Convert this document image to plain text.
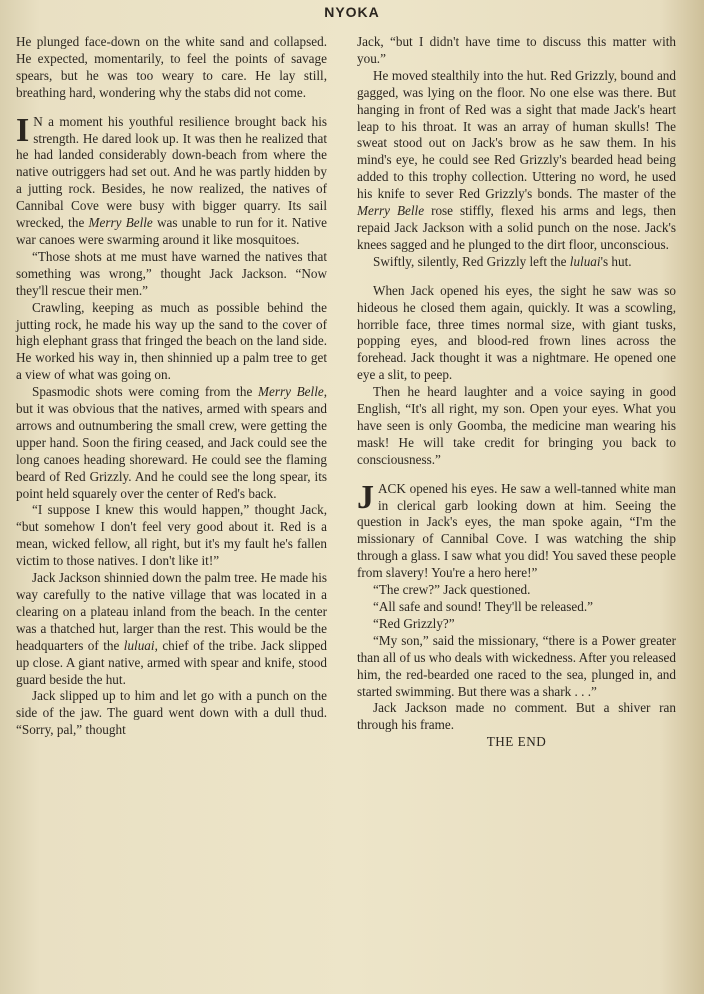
NYOKA

He plunged face-down on the white sand and collapsed. He expected, momentarily, to feel the points of savage spears, but he was too weary to care. He lay still, breathing hard, wondering why the stabs did not come.

I N a moment his youthful resilience brought back his strength. He dared look up. It was then he realized that he had landed considerably down-beach from where the native outriggers had set out. And he was partly hidden by a jutting rock. Besides, he now realized, the natives of Cannibal Cove were busy with bigger quarry. Its sail wrecked, the Merry Belle was unable to run for it. Native war canoes were swarming around it like mosquitoes.

“Those shots at me must have warned the natives that something was wrong,” thought Jack Jackson. “Now they'll rescue their men.”

Crawling, keeping as much as possible behind the jutting rock, he made his way up the sand to the cover of high elephant grass that fringed the beach on the land side. He worked his way in, then shinnied up a palm tree to get a view of what was going on.

Spasmodic shots were coming from the Merry Belle, but it was obvious that the natives, armed with spears and arrows and outnumbering the small crew, were getting the upper hand. Soon the firing ceased, and Jack could see the long canoes heading shoreward. He could see the flaming beard of Red Grizzly. And he could see the long spear, its point held squarely over the center of Red's back.

“I suppose I knew this would happen,” thought Jack, “but somehow I don't feel very good about it. Red is a mean, wicked fellow, all right, but it's my fault he's fallen victim to those natives. I don't like it!”

Jack Jackson shinnied down the palm tree. He made his way carefully to the native village that was located in a clearing on a plateau inland from the beach. In the center was a thatched hut, larger than the rest. This would be the headquarters of the luluai, chief of the tribe. Jack slipped up close. A giant native, armed with spear and knife, stood guard beside the hut.

Jack slipped up to him and let go with a punch on the side of the jaw. The guard went down with a dull thud. “Sorry, pal,” thought

Jack, “but I didn't have time to discuss this matter with you.”

He moved stealthily into the hut. Red Grizzly, bound and gagged, was lying on the floor. No one else was there. But hanging in front of Red was a sight that made Jack's heart leap to his throat. It was an array of human skulls! The sweat stood out on Jack's brow as he saw them. In his mind's eye, he could see Red Grizzly's bearded head being added to this trophy collection. Uttering no word, he used his knife to sever Red Grizzly's bonds. The master of the Merry Belle rose stiffly, flexed his arms and legs, then repaid Jack Jackson with a solid punch on the nose. Jack's knees sagged and he plunged to the dirt floor, unconscious.

Swiftly, silently, Red Grizzly left the luluai's hut.

When Jack opened his eyes, the sight he saw was so hideous he closed them again, quickly. It was a scowling, horrible face, three times normal size, with giant tusks, popping eyes, and blood-red frown lines across the forehead. Jack thought it was a nightmare. He opened one eye a slit, to peep.

Then he heard laughter and a voice saying in good English, “It's all right, my son. Open your eyes. What you have seen is only Goomba, the medicine man wearing his mask! He will take credit for bringing you back to consciousness.”

JACK opened his eyes. He saw a well-tanned white man in clerical garb looking down at him. Seeing the question in Jack's eyes, the man spoke again, “I'm the missionary of Cannibal Cove. I was watching the ship through a glass. I saw what you did! You saved these people from slavery! You're a hero here!”

“The crew?” Jack questioned.

“All safe and sound! They'll be released.”

“Red Grizzly?”

“My son,” said the missionary, “there is a Power greater than all of us who deals with wickedness. After you released him, the red-bearded one raced to the sea, plunged in, and started swimming. But there was a shark . . .”

Jack Jackson made no comment. But a shiver ran through his frame.

THE END
